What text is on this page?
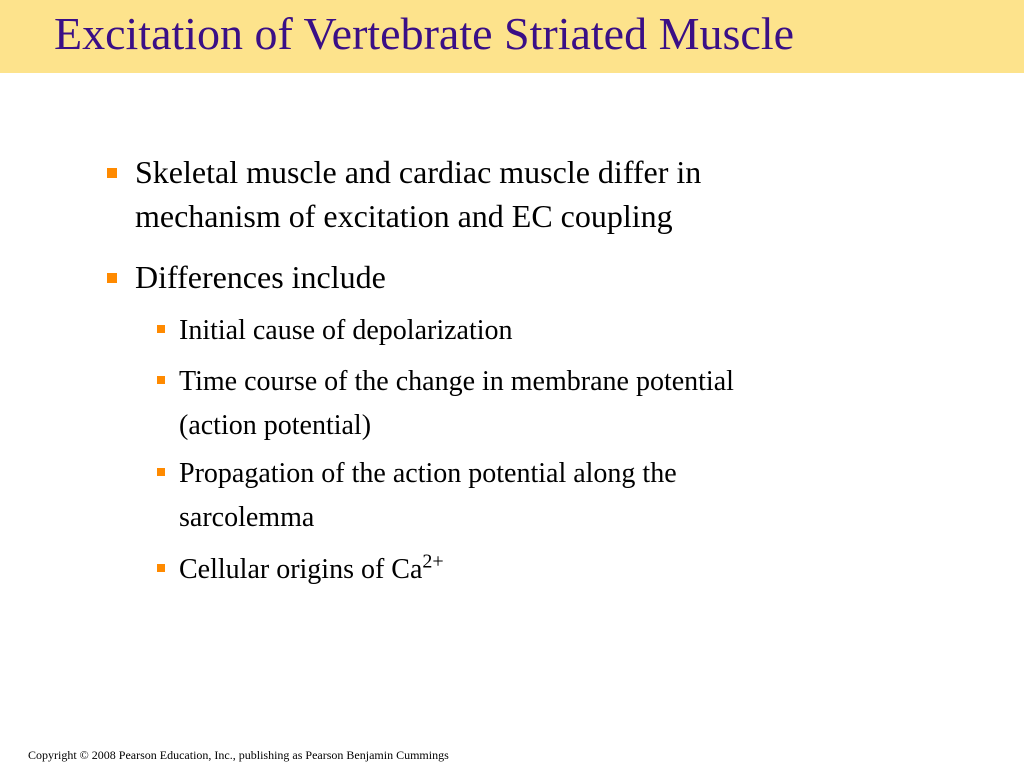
Excitation of Vertebrate Striated Muscle
Skeletal muscle and cardiac muscle differ in
mechanism of excitation and EC coupling
Differences include
Initial cause of depolarization
Time course of the change in membrane potential
(action potential)
Propagation of the action potential along the
sarcolemma
Cellular origins of $Ca^{2+}$
Copyright © 2008 Pearson Education, Inc., publishing as Pearson Benjamin Cummings
